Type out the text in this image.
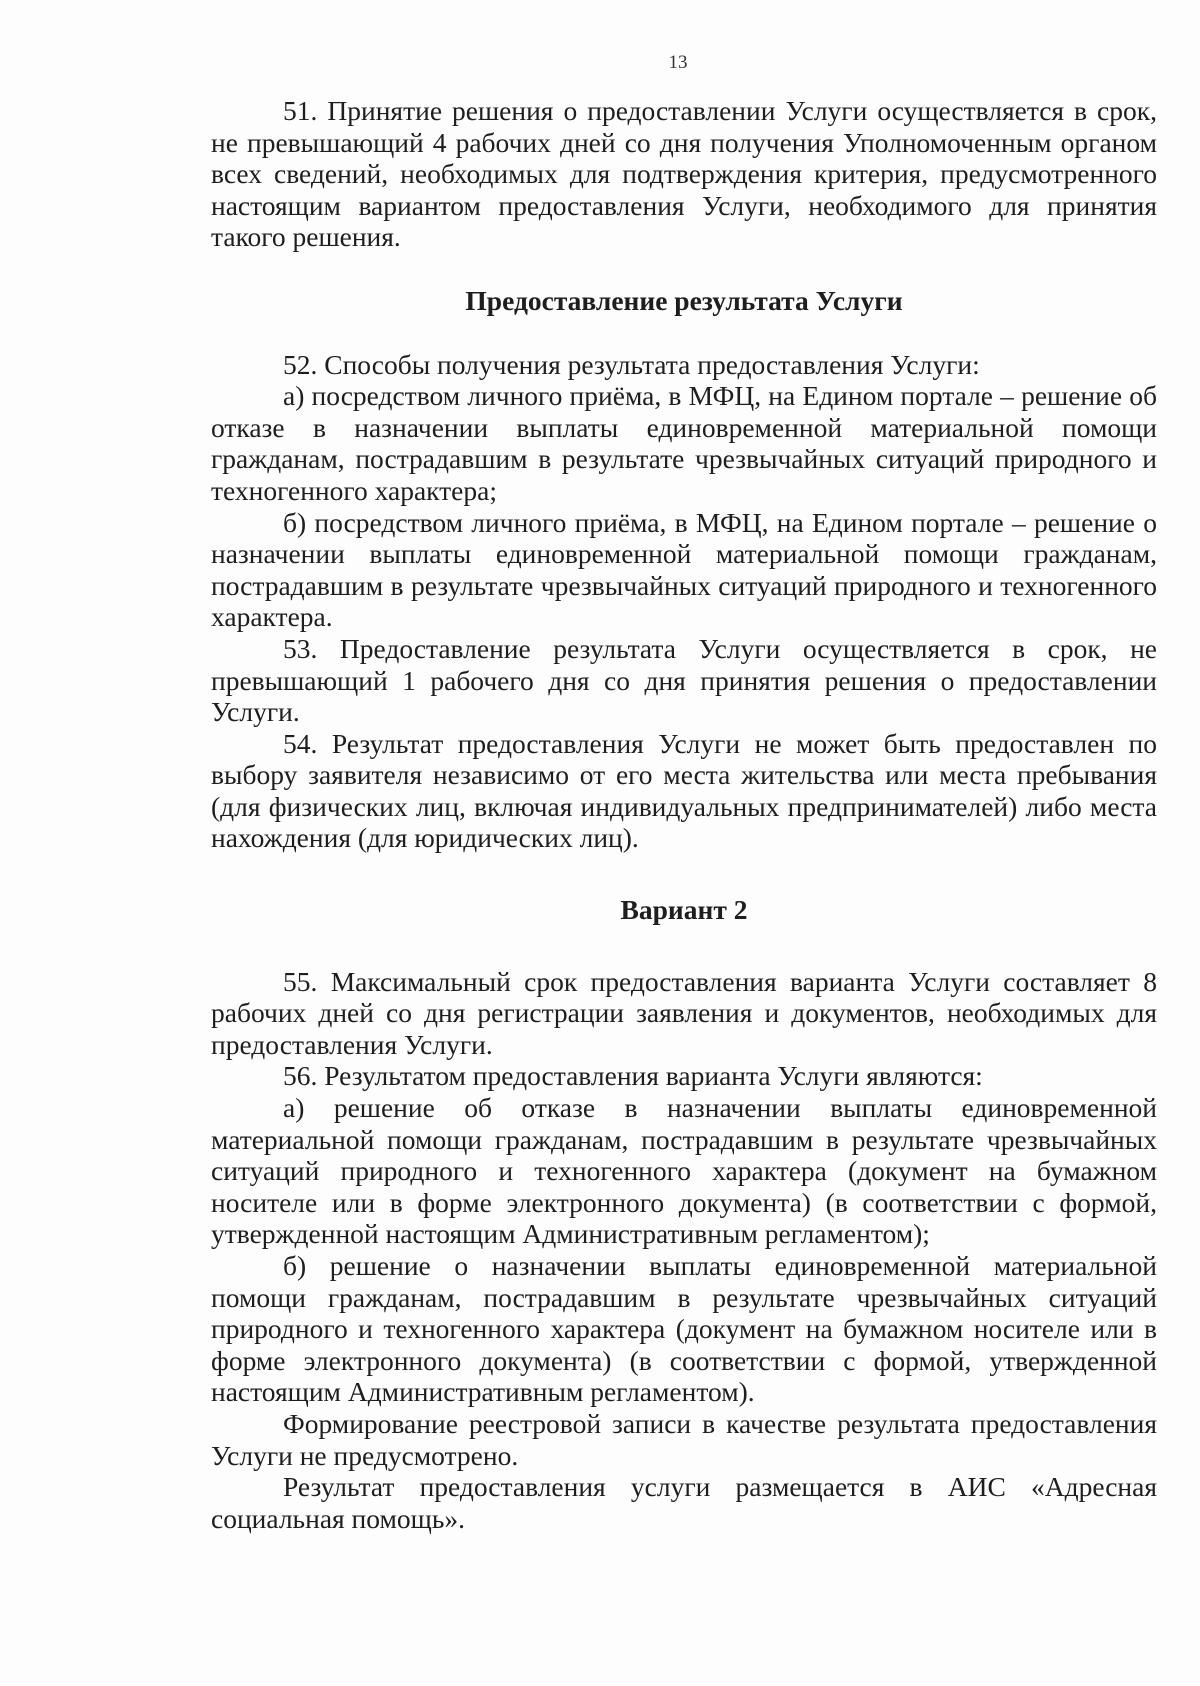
13

51. Принятие решения о предоставлении Услуги осуществляется в срок, не превышающий 4 рабочих дней со дня получения Уполномоченным органом всех сведений, необходимых для подтверждения критерия, предусмотренного настоящим вариантом предоставления Услуги, необходимого для принятия такого решения.

Предоставление результата Услуги

52. Способы получения результата предоставления Услуги:

а) посредством личного приёма, в МФЦ, на Едином портале – решение об отказе в назначении выплаты единовременной материальной помощи гражданам, пострадавшим в результате чрезвычайных ситуаций природного и техногенного характера;

б) посредством личного приёма, в МФЦ, на Едином портале – решение о назначении выплаты единовременной материальной помощи гражданам, пострадавшим в результате чрезвычайных ситуаций природного и техногенного характера.

53. Предоставление результата Услуги осуществляется в срок, не превышающий 1 рабочего дня со дня принятия решения о предоставлении Услуги.

54. Результат предоставления Услуги не может быть предоставлен по выбору заявителя независимо от его места жительства или места пребывания (для физических лиц, включая индивидуальных предпринимателей) либо места нахождения (для юридических лиц).

Вариант 2

55. Максимальный срок предоставления варианта Услуги составляет 8 рабочих дней со дня регистрации заявления и документов, необходимых для предоставления Услуги.

56. Результатом предоставления варианта Услуги являются:

а) решение об отказе в назначении выплаты единовременной материальной помощи гражданам, пострадавшим в результате чрезвычайных ситуаций природного и техногенного характера (документ на бумажном носителе или в форме электронного документа) (в соответствии с формой, утвержденной настоящим Административным регламентом);

б) решение о назначении выплаты единовременной материальной помощи гражданам, пострадавшим в результате чрезвычайных ситуаций природного и техногенного характера (документ на бумажном носителе или в форме электронного документа) (в соответствии с формой, утвержденной настоящим Административным регламентом).

Формирование реестровой записи в качестве результата предоставления Услуги не предусмотрено.

Результат предоставления услуги размещается в АИС «Адресная социальная помощь».
